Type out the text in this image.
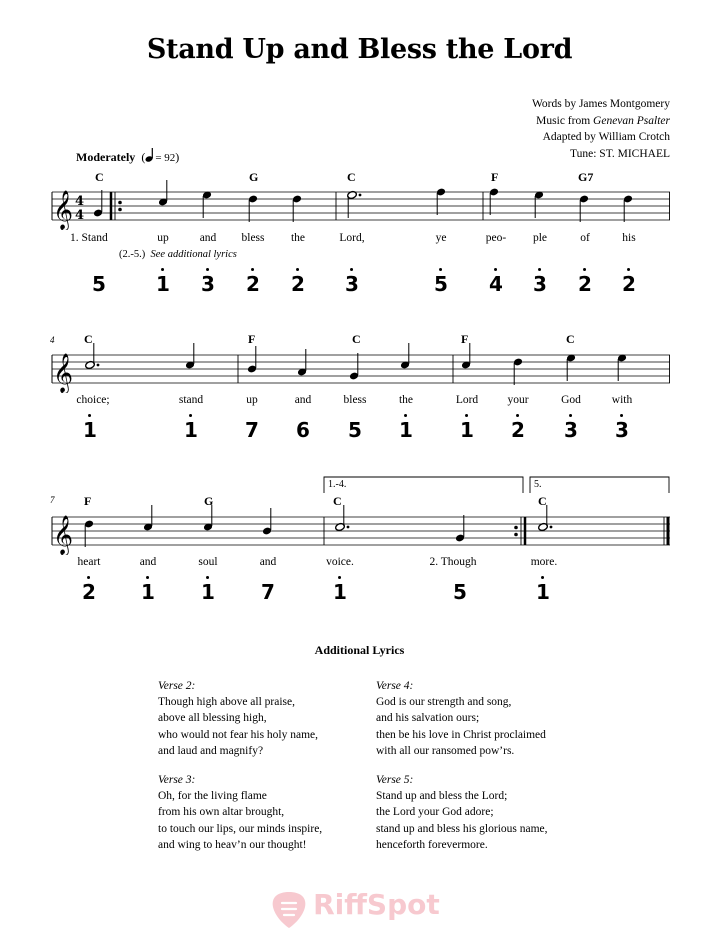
Stand Up and Bless the Lord
Words by James Montgomery
Music from Genevan Psalter
Adapted by William Crotch
Tune: ST. MICHAEL
Moderately  ( = 92)
C	G	C	F	G7
𝄞 4
4
1. Stand	up	and bless the	Lord,	ye	peo- ple	of	his
(2.-5.) See additional lyrics
5	1 3 2 2 3	5 4 3 2 2
4 C	F	C	F	C
𝄞
choice;	stand	up	and	bless	the	Lord	your	God	with
1	1 7 6 5 1 1 2 3 3
7
1.-4.	5.
F	G	C	C
𝄞
heart	and	soul	and	voice.	2. Though	more.
2 1 1 7	1	5	1
Additional Lyrics
Verse 2:
Though high above all praise,
above all blessing high,
who would not fear his holy name,
and laud and magnify?
Verse 4:
God is our strength and song,
and his salvation ours;
then be his love in Christ proclaimed
with all our ransomed pow’rs.
Verse 3:
Oh, for the living flame
from his own altar brought,
to touch our lips, our minds inspire,
and wing to heav’n our thought!
Verse 5:
Stand up and bless the Lord;
the Lord your God adore;
stand up and bless his glorious name,
henceforth forevermore.
RiffSpot
